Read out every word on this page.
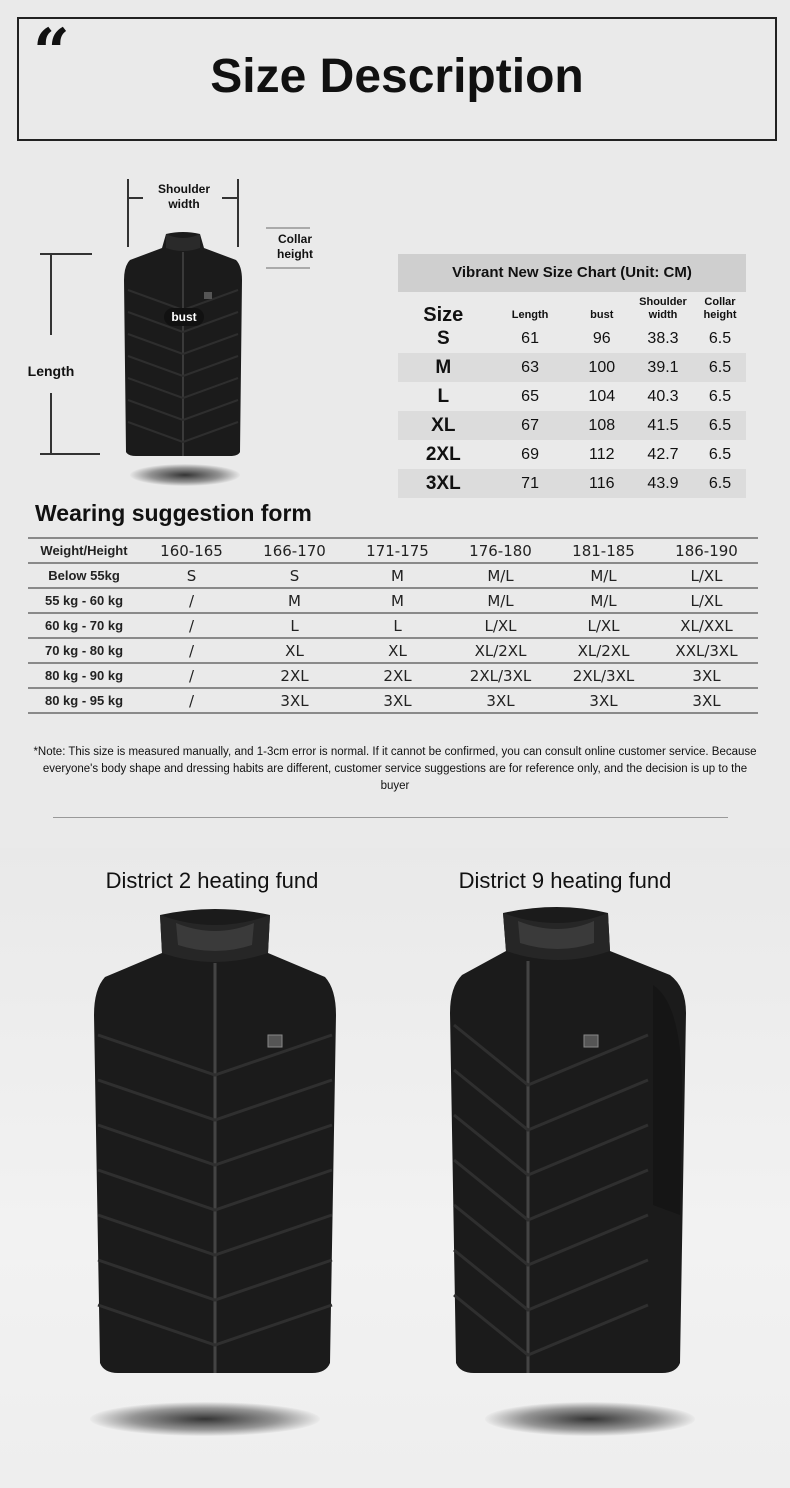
“	Size Description
Shoulder
width
Collar
height
Length
bust
Vibrant New Size Chart (Unit: CM)
Size	Length	bust	Shoulder width	Collar height
S	61	96	38.3	6.5
M	63	100	39.1	6.5
L	65	104	40.3	6.5
XL	67	108	41.5	6.5
2XL	69	112	42.7	6.5
3XL	71	116	43.9	6.5
Wearing suggestion form
Weight/Height	160-165	166-170	171-175	176-180	181-185	186-190
Below 55kg	S	S	M	M/L	M/L	L/XL
55 kg - 60 kg	/	M	M	M/L	M/L	L/XL
60 kg - 70 kg	/	L	L	L/XL	L/XL	XL/XXL
70 kg - 80 kg	/	XL	XL	XL/2XL	XL/2XL	XXL/3XL
80 kg - 90 kg	/	2XL	2XL	2XL/3XL	2XL/3XL	3XL
80 kg - 95 kg	/	3XL	3XL	3XL	3XL	3XL
*Note: This size is measured manually, and 1-3cm error is normal. If it cannot be confirmed, you can consult online customer service. Because everyone's body shape and dressing habits are different, customer service suggestions are for reference only, and the decision is up to the buyer
District 2 heating fund	District 9 heating fund
